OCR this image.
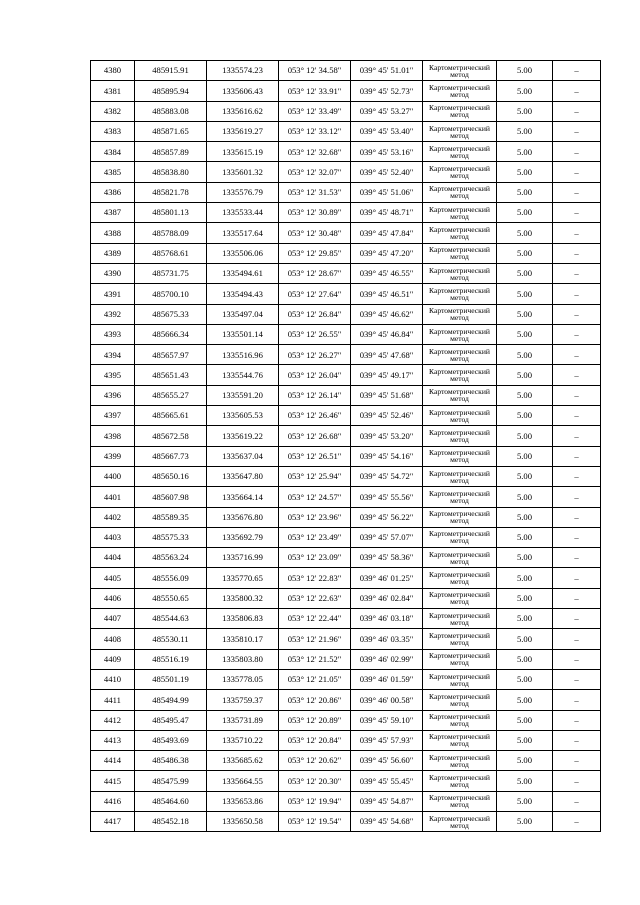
4380	485915.91	1335574.23	053° 12' 34.58"	039° 45' 51.01"	Картометрический метод	5.00	–
4381	485895.94	1335606.43	053° 12' 33.91"	039° 45' 52.73"	Картометрический метод	5.00	–
4382	485883.08	1335616.62	053° 12' 33.49"	039° 45' 53.27"	Картометрический метод	5.00	–
4383	485871.65	1335619.27	053° 12' 33.12"	039° 45' 53.40"	Картометрический метод	5.00	–
4384	485857.89	1335615.19	053° 12' 32.68"	039° 45' 53.16"	Картометрический метод	5.00	–
4385	485838.80	1335601.32	053° 12' 32.07"	039° 45' 52.40"	Картометрический метод	5.00	–
4386	485821.78	1335576.79	053° 12' 31.53"	039° 45' 51.06"	Картометрический метод	5.00	–
4387	485801.13	1335533.44	053° 12' 30.89"	039° 45' 48.71"	Картометрический метод	5.00	–
4388	485788.09	1335517.64	053° 12' 30.48"	039° 45' 47.84"	Картометрический метод	5.00	–
4389	485768.61	1335506.06	053° 12' 29.85"	039° 45' 47.20"	Картометрический метод	5.00	–
4390	485731.75	1335494.61	053° 12' 28.67"	039° 45' 46.55"	Картометрический метод	5.00	–
4391	485700.10	1335494.43	053° 12' 27.64"	039° 45' 46.51"	Картометрический метод	5.00	–
4392	485675.33	1335497.04	053° 12' 26.84"	039° 45' 46.62"	Картометрический метод	5.00	–
4393	485666.34	1335501.14	053° 12' 26.55"	039° 45' 46.84"	Картометрический метод	5.00	–
4394	485657.97	1335516.96	053° 12' 26.27"	039° 45' 47.68"	Картометрический метод	5.00	–
4395	485651.43	1335544.76	053° 12' 26.04"	039° 45' 49.17"	Картометрический метод	5.00	–
4396	485655.27	1335591.20	053° 12' 26.14"	039° 45' 51.68"	Картометрический метод	5.00	–
4397	485665.61	1335605.53	053° 12' 26.46"	039° 45' 52.46"	Картометрический метод	5.00	–
4398	485672.58	1335619.22	053° 12' 26.68"	039° 45' 53.20"	Картометрический метод	5.00	–
4399	485667.73	1335637.04	053° 12' 26.51"	039° 45' 54.16"	Картометрический метод	5.00	–
4400	485650.16	1335647.80	053° 12' 25.94"	039° 45' 54.72"	Картометрический метод	5.00	–
4401	485607.98	1335664.14	053° 12' 24.57"	039° 45' 55.56"	Картометрический метод	5.00	–
4402	485589.35	1335676.80	053° 12' 23.96"	039° 45' 56.22"	Картометрический метод	5.00	–
4403	485575.33	1335692.79	053° 12' 23.49"	039° 45' 57.07"	Картометрический метод	5.00	–
4404	485563.24	1335716.99	053° 12' 23.09"	039° 45' 58.36"	Картометрический метод	5.00	–
4405	485556.09	1335770.65	053° 12' 22.83"	039° 46' 01.25"	Картометрический метод	5.00	–
4406	485550.65	1335800.32	053° 12' 22.63"	039° 46' 02.84"	Картометрический метод	5.00	–
4407	485544.63	1335806.83	053° 12' 22.44"	039° 46' 03.18"	Картометрический метод	5.00	–
4408	485530.11	1335810.17	053° 12' 21.96"	039° 46' 03.35"	Картометрический метод	5.00	–
4409	485516.19	1335803.80	053° 12' 21.52"	039° 46' 02.99"	Картометрический метод	5.00	–
4410	485501.19	1335778.05	053° 12' 21.05"	039° 46' 01.59"	Картометрический метод	5.00	–
4411	485494.99	1335759.37	053° 12' 20.86"	039° 46' 00.58"	Картометрический метод	5.00	–
4412	485495.47	1335731.89	053° 12' 20.89"	039° 45' 59.10"	Картометрический метод	5.00	–
4413	485493.69	1335710.22	053° 12' 20.84"	039° 45' 57.93"	Картометрический метод	5.00	–
4414	485486.38	1335685.62	053° 12' 20.62"	039° 45' 56.60"	Картометрический метод	5.00	–
4415	485475.99	1335664.55	053° 12' 20.30"	039° 45' 55.45"	Картометрический метод	5.00	–
4416	485464.60	1335653.86	053° 12' 19.94"	039° 45' 54.87"	Картометрический метод	5.00	–
4417	485452.18	1335650.58	053° 12' 19.54"	039° 45' 54.68"	Картометрический метод	5.00	–
